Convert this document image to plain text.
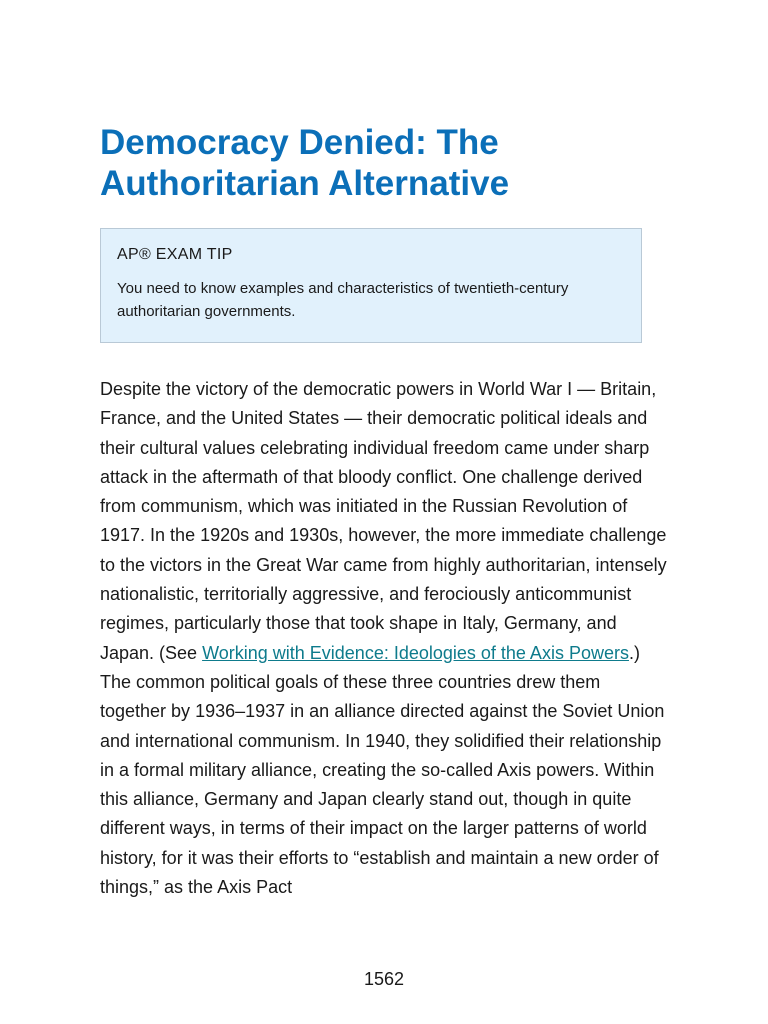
Democracy Denied: The Authoritarian Alternative

AP® EXAM TIP

You need to know examples and characteristics of twentieth-century authoritarian governments.

Despite the victory of the democratic powers in World War I — Britain, France, and the United States — their democratic political ideals and their cultural values celebrating individual freedom came under sharp attack in the aftermath of that bloody conflict. One challenge derived from communism, which was initiated in the Russian Revolution of 1917. In the 1920s and 1930s, however, the more immediate challenge to the victors in the Great War came from highly authoritarian, intensely nationalistic, territorially aggressive, and ferociously anticommunist regimes, particularly those that took shape in Italy, Germany, and Japan. (See Working with Evidence: Ideologies of the Axis Powers.) The common political goals of these three countries drew them together by 1936–1937 in an alliance directed against the Soviet Union and international communism. In 1940, they solidified their relationship in a formal military alliance, creating the so-called Axis powers. Within this alliance, Germany and Japan clearly stand out, though in quite different ways, in terms of their impact on the larger patterns of world history, for it was their efforts to “establish and maintain a new order of things,” as the Axis Pact

1562
